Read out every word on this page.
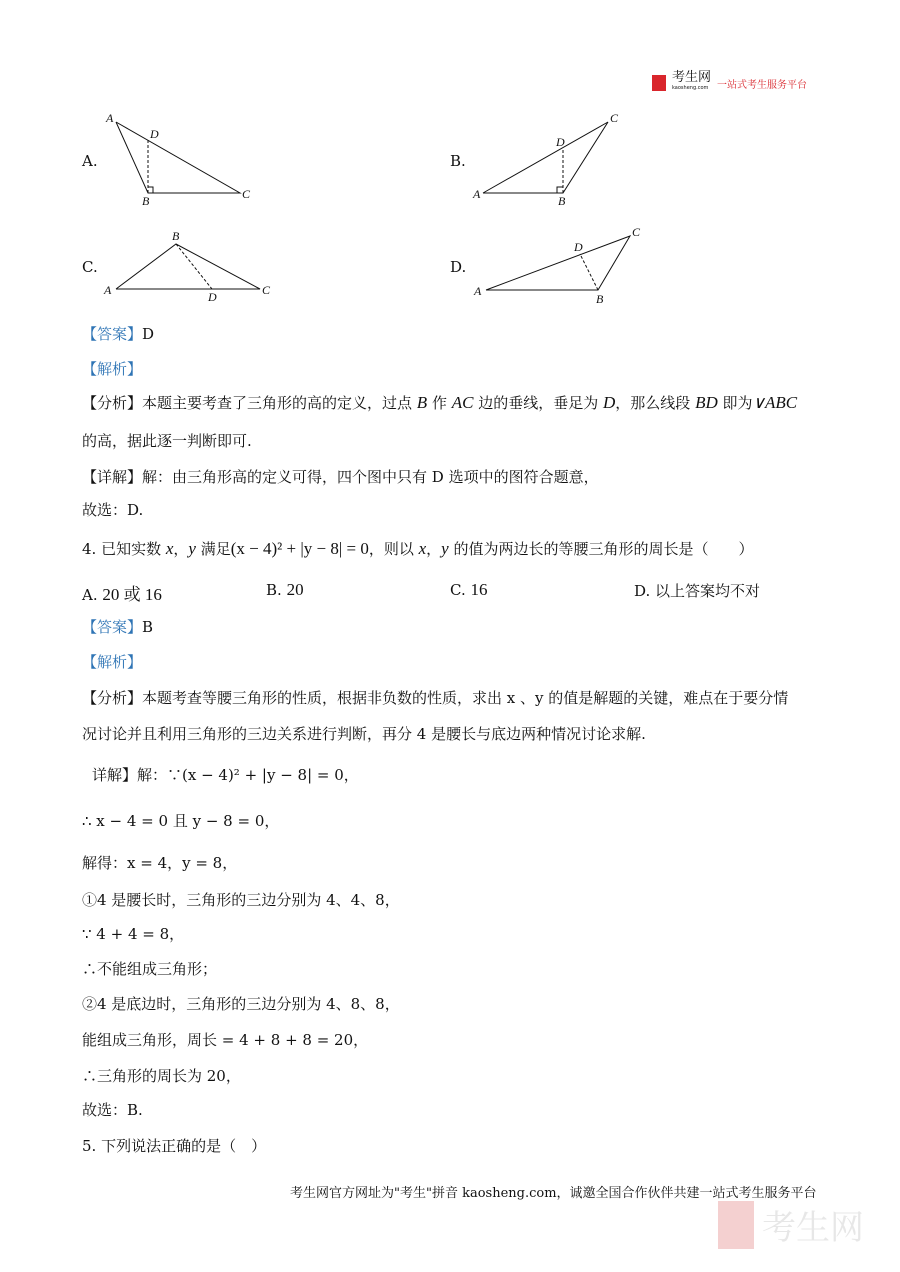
考生网
kaosheng.com 一站式考生服务平台
A.	B.
C.	D.
A
D
B	C	A
D
B
C
A
B
D	C	A
D
B
C
【答案】D
【解析】
【分析】本题主要考查了三角形的高的定义，过点 B 作 AC 边的垂线，垂足为 D，那么线段 BD 即为∨ABC
的高，据此逐一判断即可.
【详解】解：由三角形高的定义可得，四个图中只有 D 选项中的图符合题意，
故选：D.
4. 已知实数 x，y 满足(x − 4)² + |y − 8| = 0，则以 x，y 的值为两边长的等腰三角形的周长是（　　）
A. 20 或 16	B. 20	C. 16	D. 以上答案均不对
【答案】B
【解析】
【分析】本题考查等腰三角形的性质，根据非负数的性质，求出 x 、y 的值是解题的关键，难点在于要分情
况讨论并且利用三角形的三边关系进行判断，再分 4 是腰长与底边两种情况讨论求解.
详解】解：∵(x − 4)² + |y − 8| = 0，
∴ x − 4 = 0 且 y − 8 = 0，
解得：x = 4，y = 8，
①4 是腰长时，三角形的三边分别为 4、4、8，
∵ 4 + 4 = 8，
∴不能组成三角形；
②4 是底边时，三角形的三边分别为 4、8、8，
能组成三角形，周长 = 4 + 8 + 8 = 20，
∴三角形的周长为 20，
故选：B.
5. 下列说法正确的是（　）
考生网官方网址为"考生"拼音 kaosheng.com，诚邀全国合作伙伴共建一站式考生服务平台
考生网
